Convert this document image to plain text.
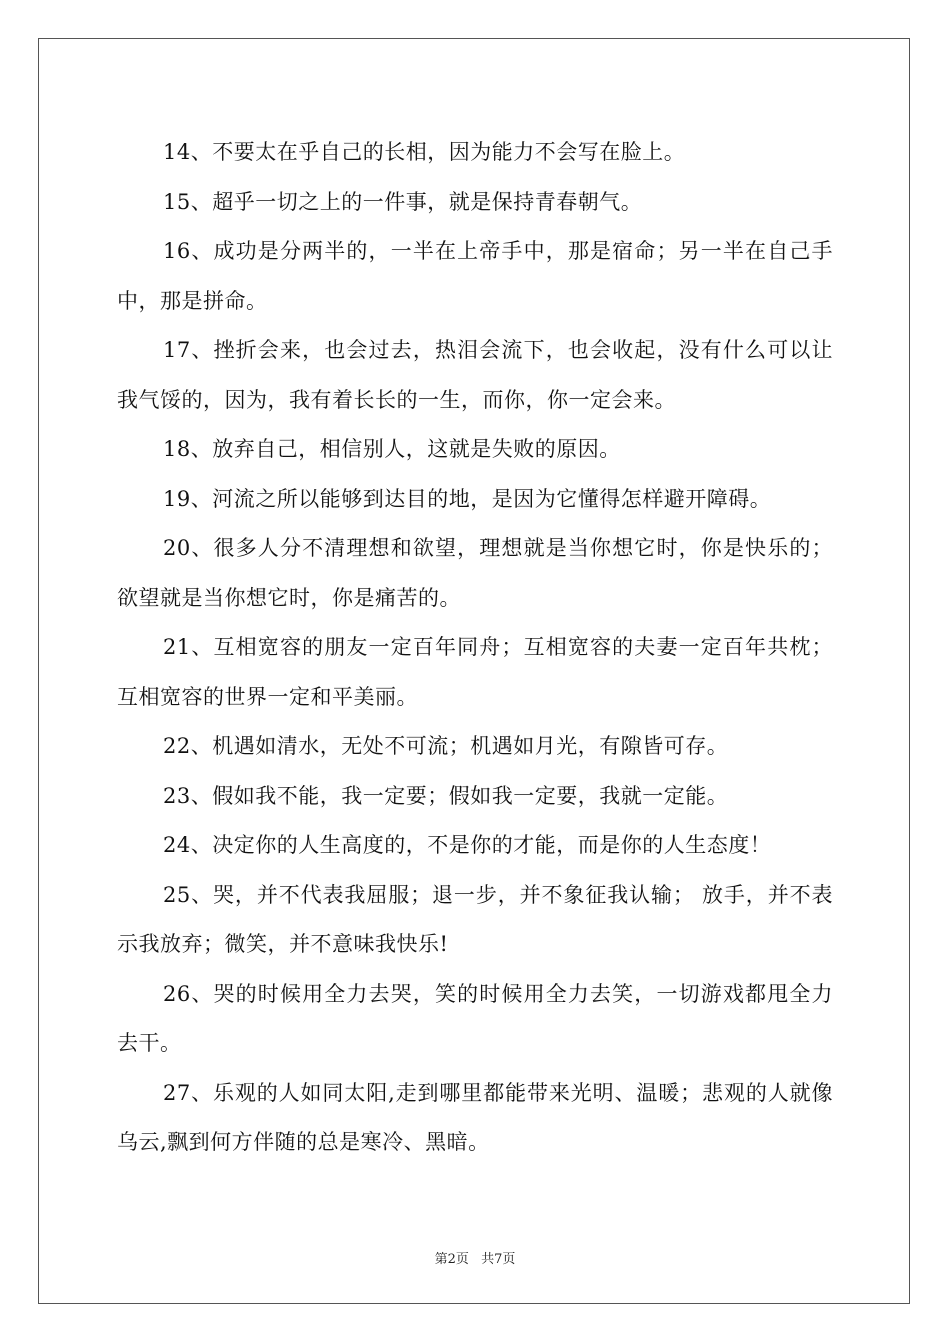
14、不要太在乎自己的长相，因为能力不会写在脸上。

15、超乎一切之上的一件事，就是保持青春朝气。

16、成功是分两半的，一半在上帝手中，那是宿命；另一半在自己手中，那是拼命。

17、挫折会来，也会过去，热泪会流下，也会收起，没有什么可以让我气馁的，因为，我有着长长的一生，而你，你一定会来。

18、放弃自己，相信别人，这就是失败的原因。

19、河流之所以能够到达目的地，是因为它懂得怎样避开障碍。

20、很多人分不清理想和欲望，理想就是当你想它时，你是快乐的；欲望就是当你想它时，你是痛苦的。

21、互相宽容的朋友一定百年同舟；互相宽容的夫妻一定百年共枕；互相宽容的世界一定和平美丽。

22、机遇如清水，无处不可流；机遇如月光，有隙皆可存。

23、假如我不能，我一定要；假如我一定要，我就一定能。

24、决定你的人生高度的，不是你的才能，而是你的人生态度！

25、哭，并不代表我屈服；退一步，并不象征我认输； 放手，并不表示我放弃；微笑，并不意味我快乐!

26、哭的时候用全力去哭，笑的时候用全力去笑，一切游戏都甩全力去干。

27、乐观的人如同太阳,走到哪里都能带来光明、温暖；悲观的人就像乌云,飘到何方伴随的总是寒冷、黑暗。

第2页 共7页
